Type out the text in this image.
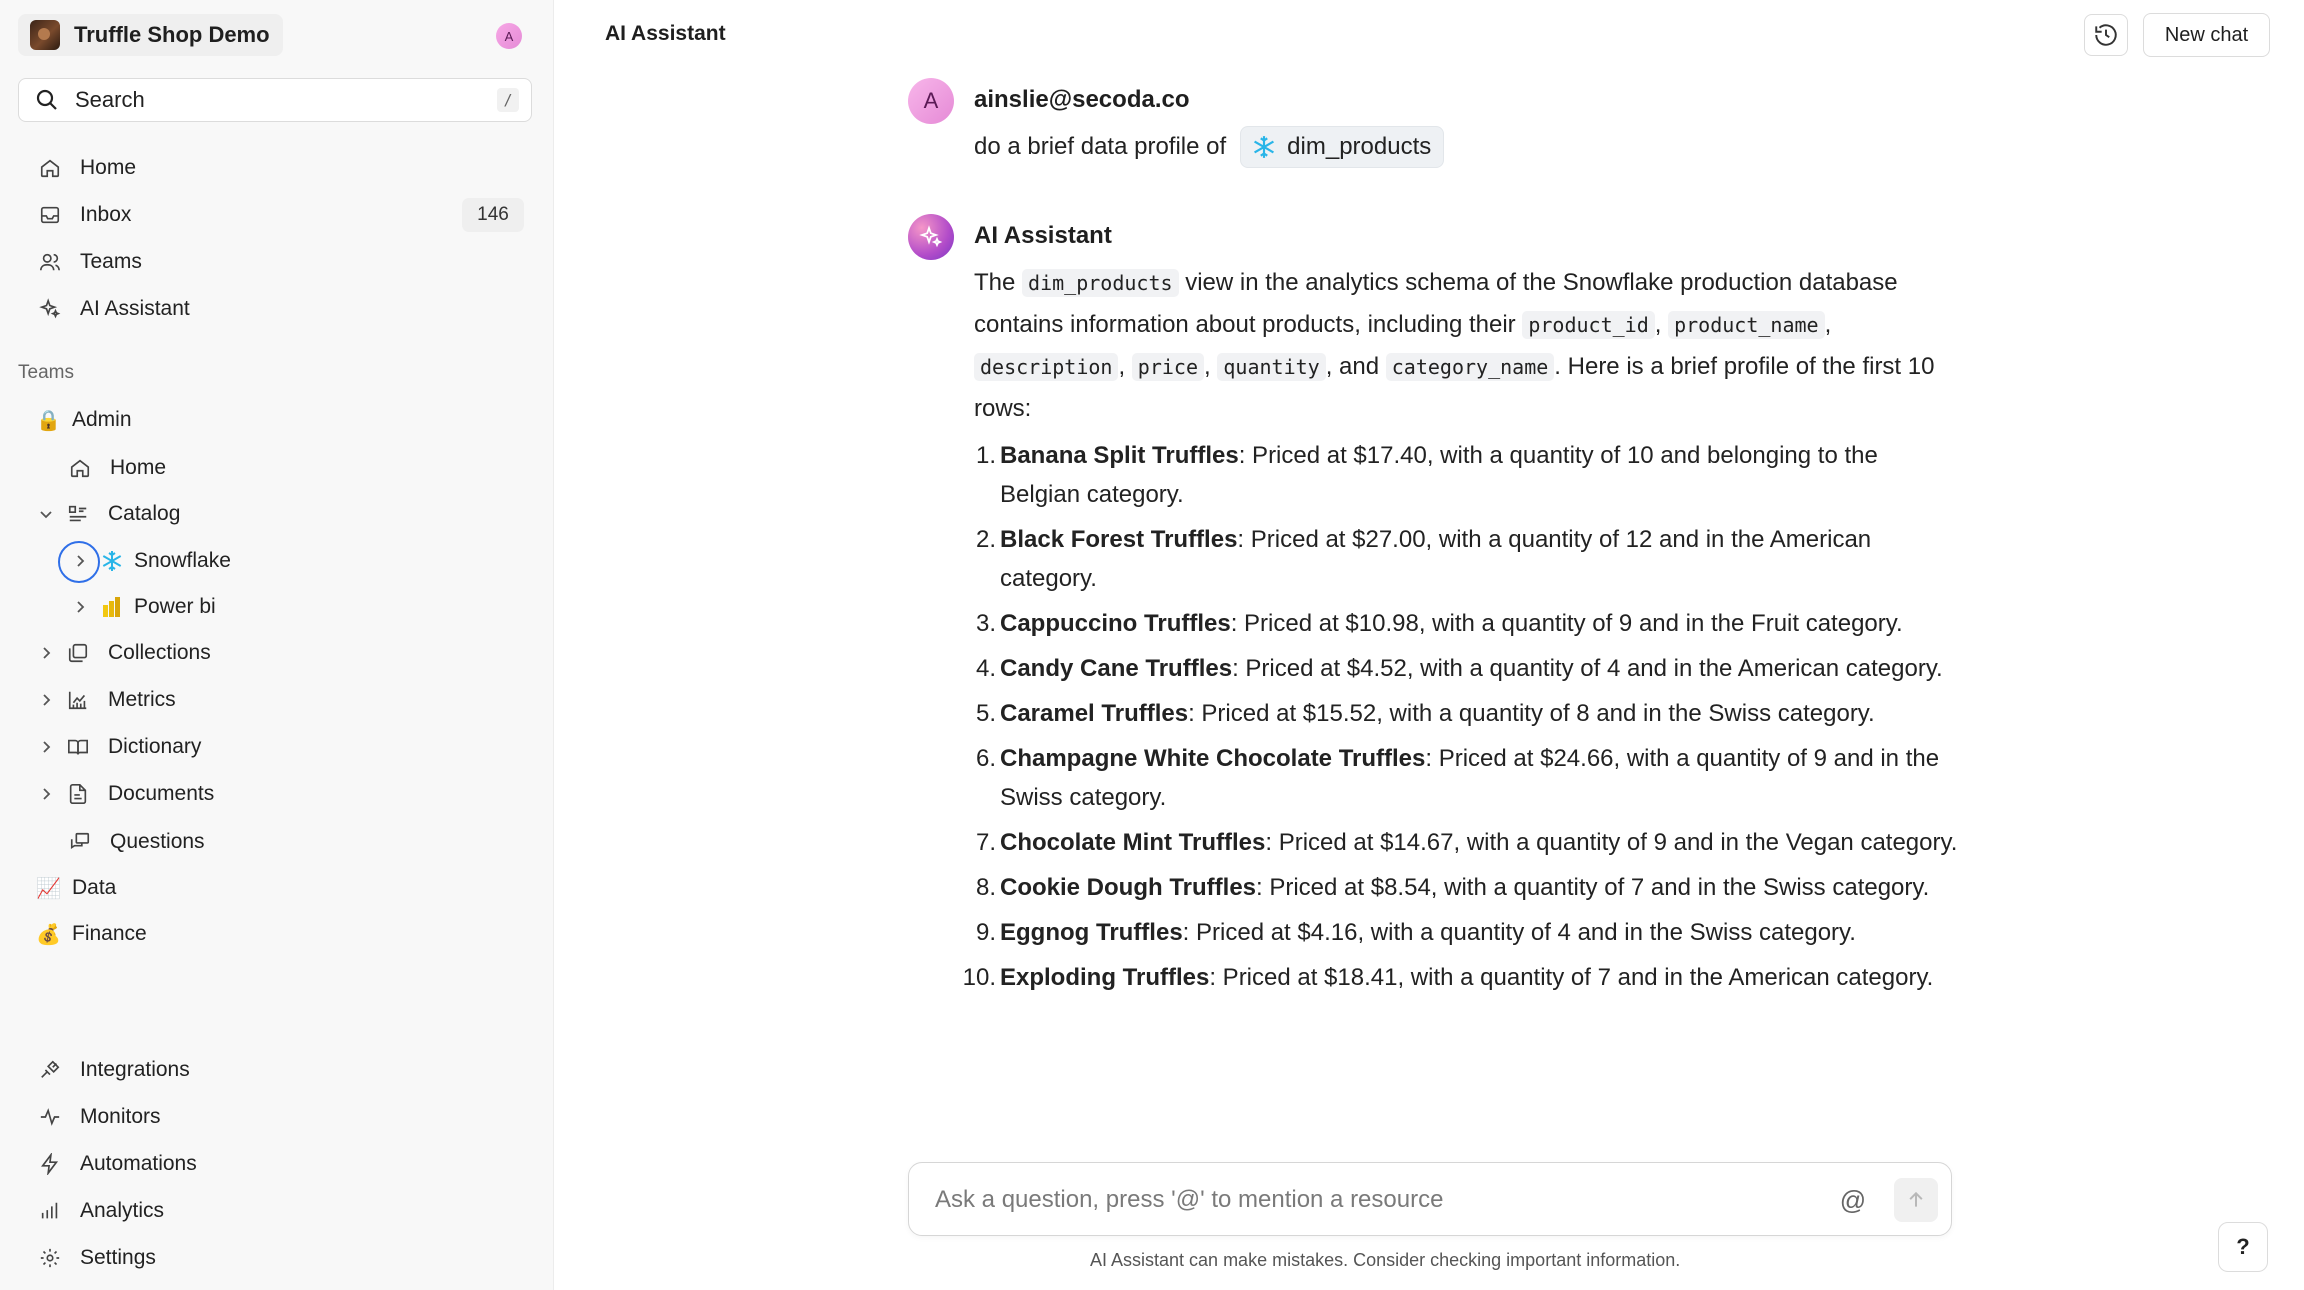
Truffle Shop Demo	A
Search	/
Home
Inbox	146
Teams
AI Assistant
Teams
🔒 Admin
Home
Catalog
Snowflake
Power bi
Collections
Metrics
Dictionary
Documents
Questions
📈 Data
💰 Finance
Integrations
Monitors
Automations
Analytics
Settings
AI Assistant	New chat
A	ainslie@secoda.co
do a brief data profile of	dim_products
AI Assistant
The dim_products view in the analytics schema of the Snowflake production database contains information about products, including their product_id , product_name , description , price , quantity , and category_name . Here is a brief profile of the first 10 rows:
1. Banana Split Truffles: Priced at $17.40, with a quantity of 10 and belonging to the Belgian category.
2. Black Forest Truffles: Priced at $27.00, with a quantity of 12 and in the American category.
3. Cappuccino Truffles: Priced at $10.98, with a quantity of 9 and in the Fruit category.
4. Candy Cane Truffles: Priced at $4.52, with a quantity of 4 and in the American category.
5. Caramel Truffles: Priced at $15.52, with a quantity of 8 and in the Swiss category.
6. Champagne White Chocolate Truffles: Priced at $24.66, with a quantity of 9 and in the Swiss category.
7. Chocolate Mint Truffles: Priced at $14.67, with a quantity of 9 and in the Vegan category.
8. Cookie Dough Truffles: Priced at $8.54, with a quantity of 7 and in the Swiss category.
9. Eggnog Truffles: Priced at $4.16, with a quantity of 4 and in the Swiss category.
10. Exploding Truffles: Priced at $18.41, with a quantity of 7 and in the American category.
Ask a question, press '@' to mention a resource
@
AI Assistant can make mistakes. Consider checking important information.
?
